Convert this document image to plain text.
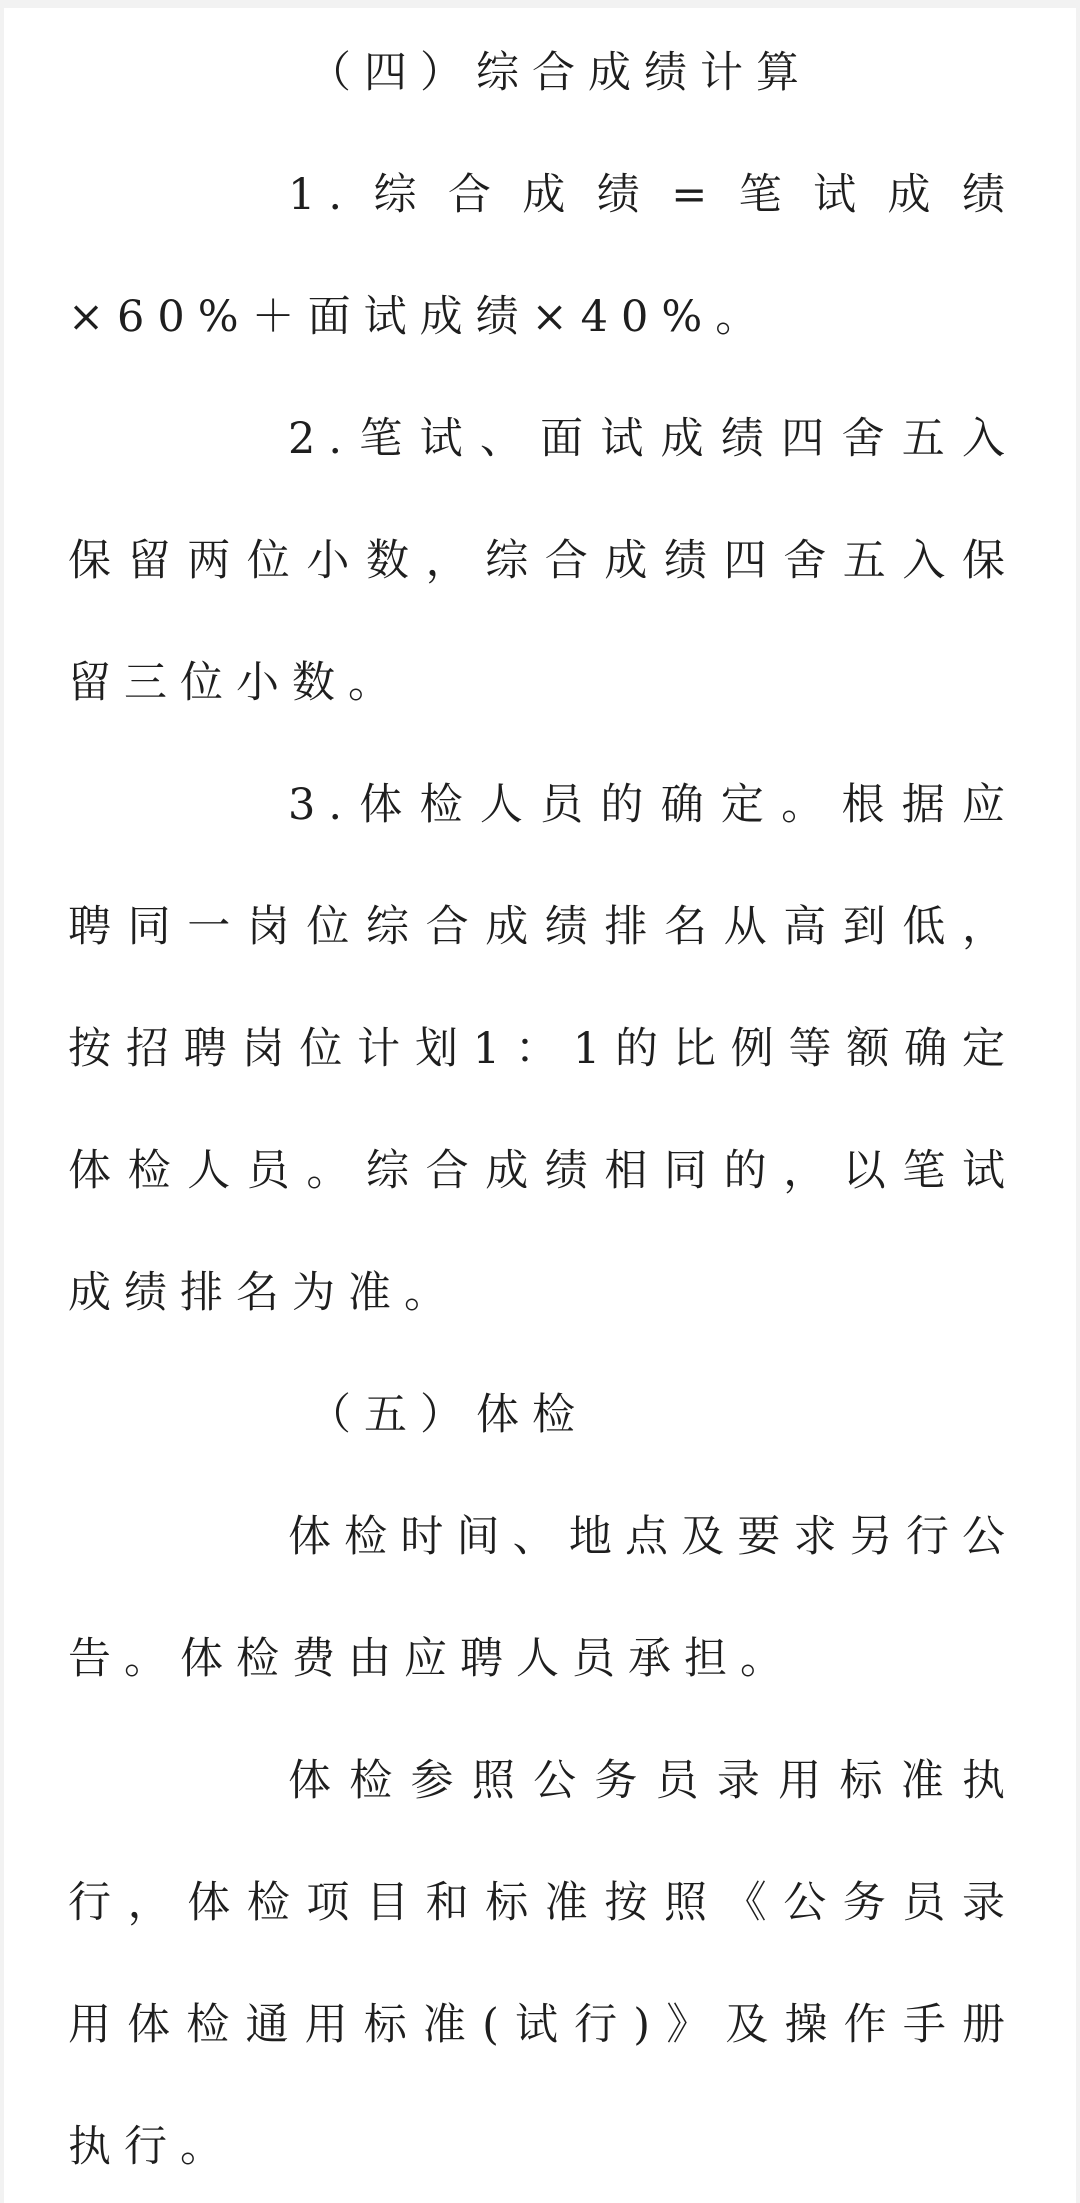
（四）综合成绩计算

1.综合成绩=笔试成绩×60%＋面试成绩×40%。

2.笔试、面试成绩四舍五入保留两位小数，综合成绩四舍五入保留三位小数。

3.体检人员的确定。根据应聘同一岗位综合成绩排名从高到低，按招聘岗位计划1：1的比例等额确定体检人员。综合成绩相同的，以笔试成绩排名为准。

（五）体检

体检时间、地点及要求另行公告。体检费由应聘人员承担。

体检参照公务员录用标准执行，体检项目和标准按照《公务员录用体检通用标准(试行)》及操作手册执行。
